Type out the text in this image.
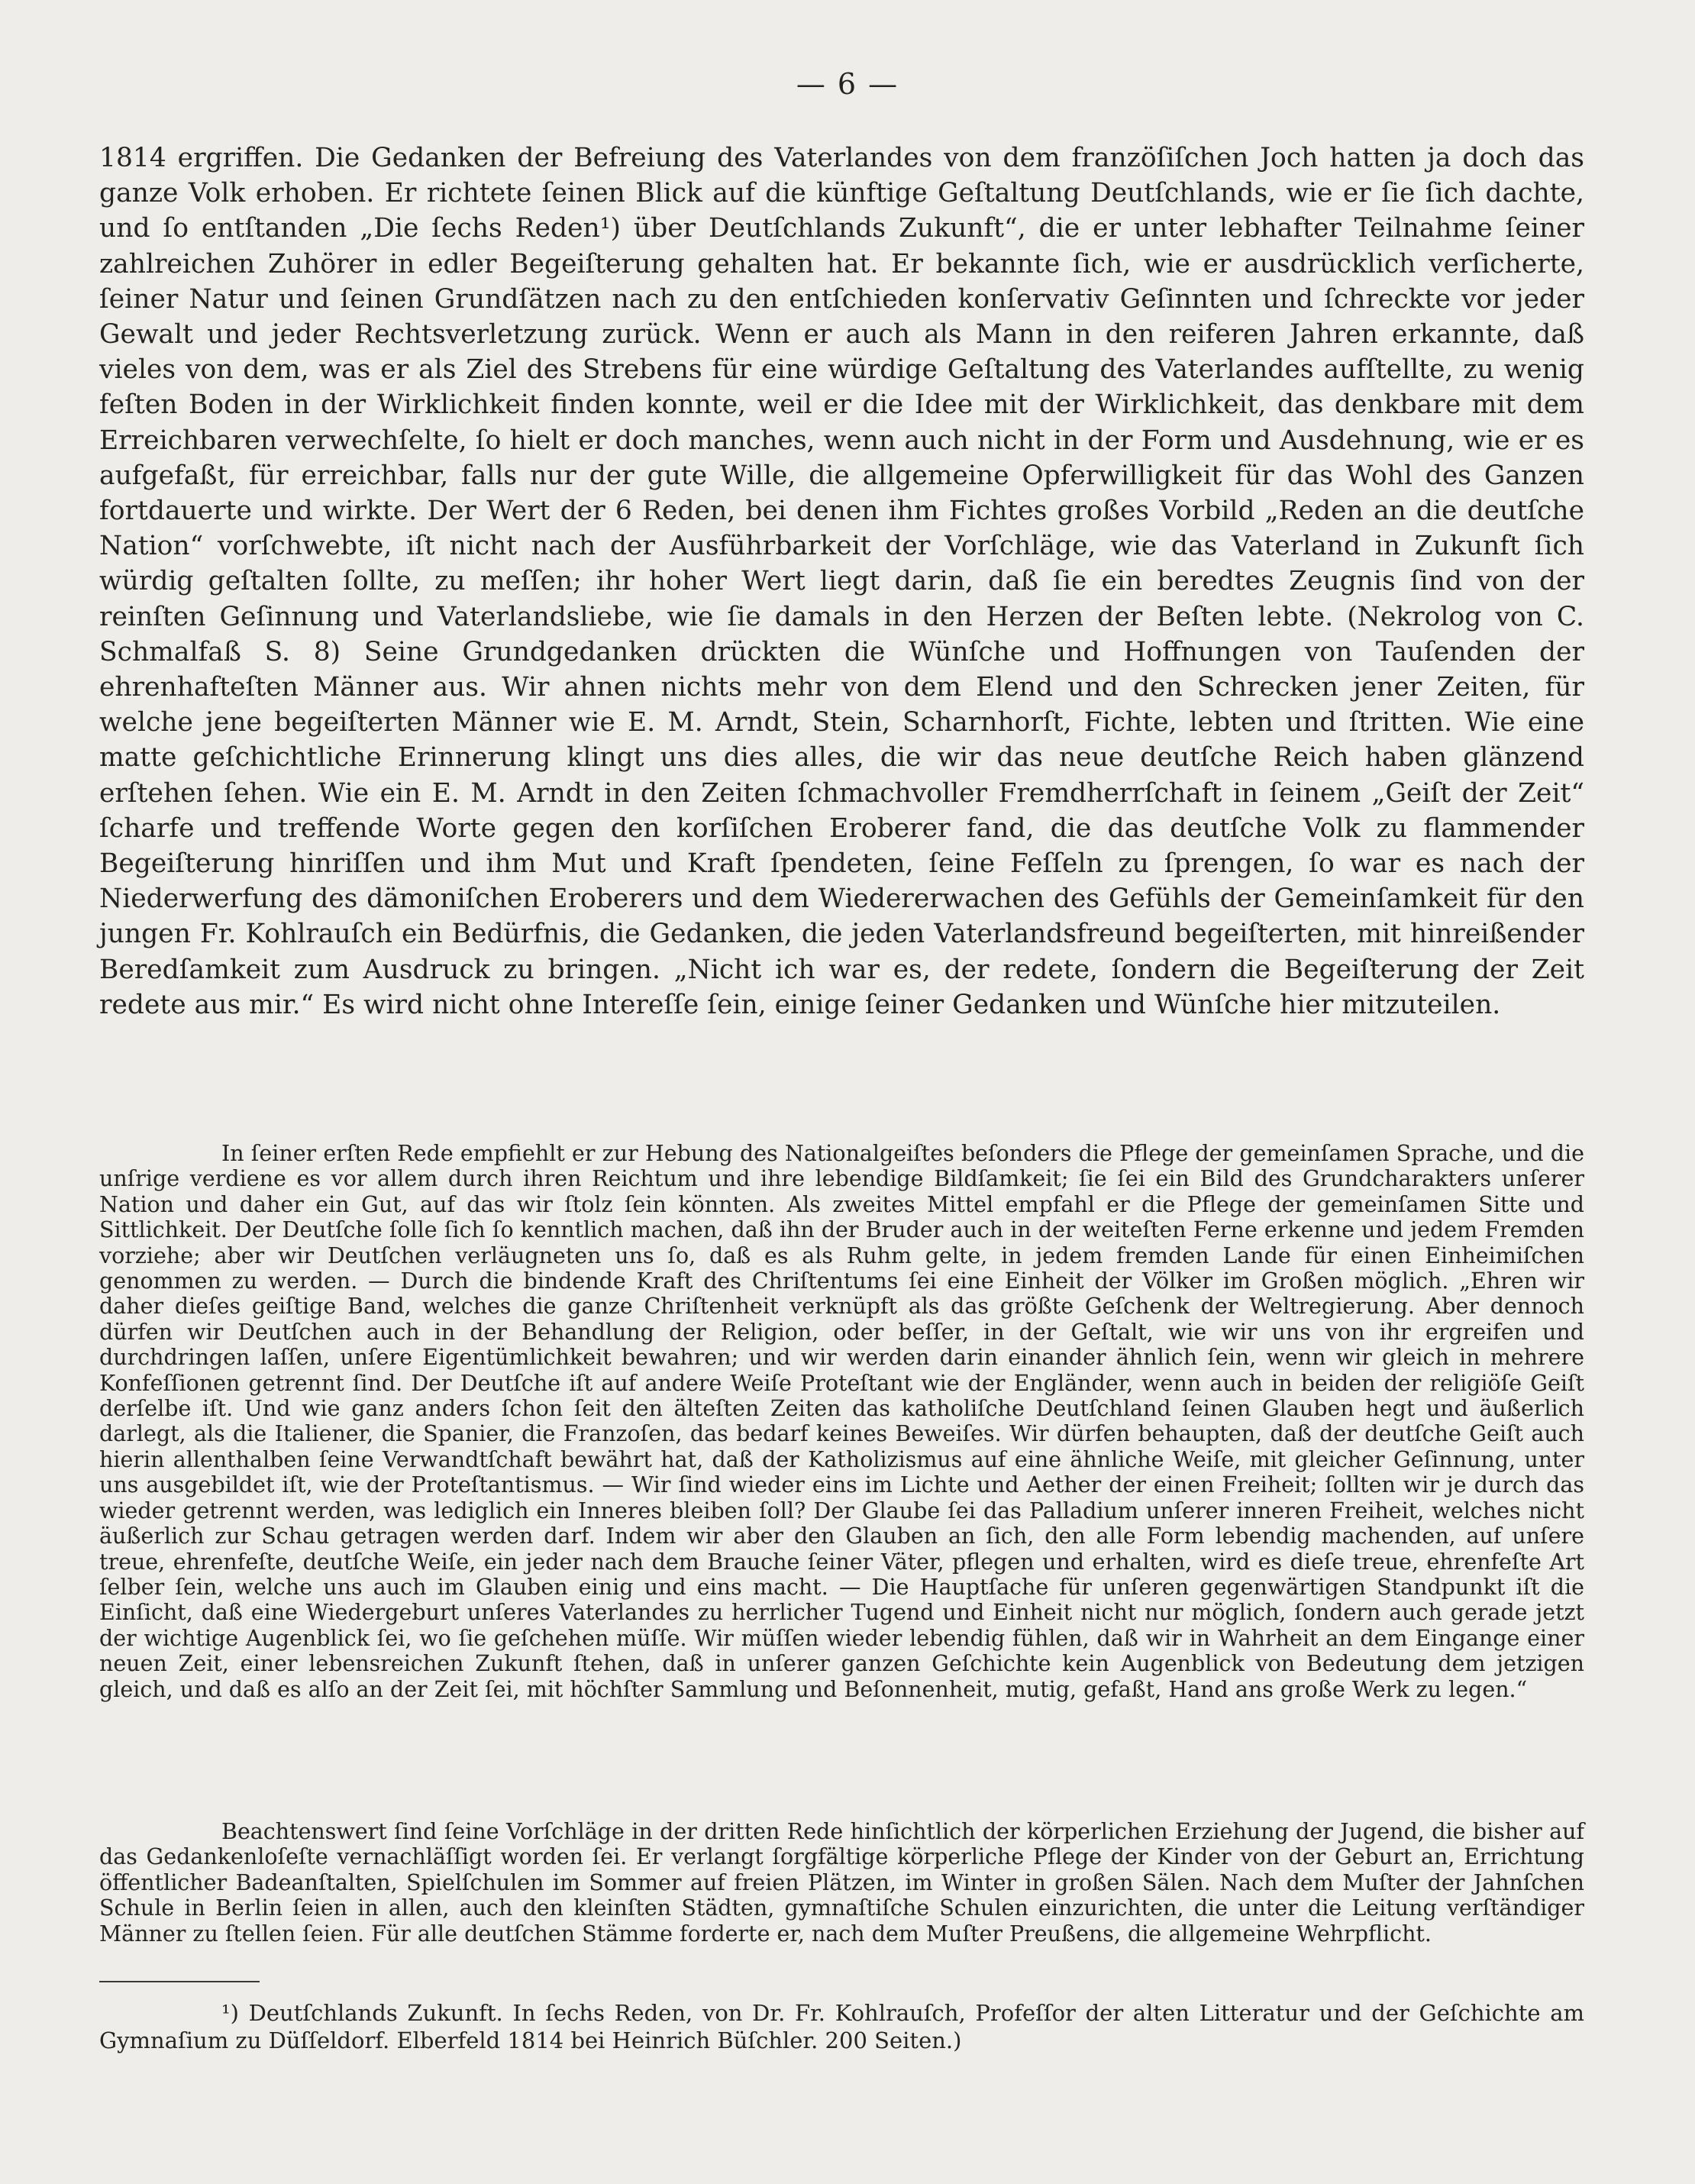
— 6 —

1814 ergriffen. Die Gedanken der Befreiung des Vaterlandes von dem franzöſiſchen Joch hatten ja doch das ganze Volk erhoben. Er richtete ſeinen Blick auf die künftige Geſtaltung Deutſchlands, wie er ſie ſich dachte, und ſo entſtanden „Die ſechs Reden¹) über Deutſchlands Zukunft“, die er unter lebhafter Teilnahme ſeiner zahlreichen Zuhörer in edler Begeiſterung gehalten hat. Er bekannte ſich, wie er ausdrücklich verſicherte, ſeiner Natur und ſeinen Grundſätzen nach zu den entſchieden konſervativ Geſinnten und ſchreckte vor jeder Gewalt und jeder Rechtsverletzung zurück. Wenn er auch als Mann in den reiferen Jahren erkannte, daß vieles von dem, was er als Ziel des Strebens für eine würdige Geſtaltung des Vaterlandes aufſtellte, zu wenig feſten Boden in der Wirklichkeit finden konnte, weil er die Idee mit der Wirklichkeit, das denkbare mit dem Erreichbaren verwechſelte, ſo hielt er doch manches, wenn auch nicht in der Form und Ausdehnung, wie er es aufgefaßt, für erreichbar, falls nur der gute Wille, die allgemeine Opferwilligkeit für das Wohl des Ganzen fortdauerte und wirkte. Der Wert der 6 Reden, bei denen ihm Fichtes großes Vorbild „Reden an die deutſche Nation“ vorſchwebte, iſt nicht nach der Ausführbarkeit der Vorſchläge, wie das Vaterland in Zukunft ſich würdig geſtalten ſollte, zu meſſen; ihr hoher Wert liegt darin, daß ſie ein beredtes Zeugnis ſind von der reinſten Geſinnung und Vaterlandsliebe, wie ſie damals in den Herzen der Beſten lebte. (Nekrolog von C. Schmalfaß S. 8) Seine Grundgedanken drückten die Wünſche und Hoffnungen von Tauſenden der ehrenhafteſten Männer aus. Wir ahnen nichts mehr von dem Elend und den Schrecken jener Zeiten, für welche jene begeiſterten Männer wie E. M. Arndt, Stein, Scharnhorſt, Fichte, lebten und ſtritten. Wie eine matte geſchichtliche Erinnerung klingt uns dies alles, die wir das neue deutſche Reich haben glänzend erſtehen ſehen. Wie ein E. M. Arndt in den Zeiten ſchmachvoller Fremdherrſchaft in ſeinem „Geiſt der Zeit“ ſcharfe und treffende Worte gegen den korſiſchen Eroberer fand, die das deutſche Volk zu flammender Begeiſterung hinriſſen und ihm Mut und Kraft ſpendeten, ſeine Feſſeln zu ſprengen, ſo war es nach der Niederwerfung des dämoniſchen Eroberers und dem Wiedererwachen des Gefühls der Gemeinſamkeit für den jungen Fr. Kohlrauſch ein Bedürfnis, die Gedanken, die jeden Vaterlandsfreund begeiſterten, mit hinreißender Beredſamkeit zum Ausdruck zu bringen. „Nicht ich war es, der redete, ſondern die Begeiſterung der Zeit redete aus mir.“ Es wird nicht ohne Intereſſe ſein, einige ſeiner Gedanken und Wünſche hier mitzuteilen.

In ſeiner erſten Rede empfiehlt er zur Hebung des Nationalgeiſtes beſonders die Pflege der gemeinſamen Sprache, und die unſrige verdiene es vor allem durch ihren Reichtum und ihre lebendige Bildſamkeit; ſie ſei ein Bild des Grundcharakters unſerer Nation und daher ein Gut, auf das wir ſtolz ſein könnten. Als zweites Mittel empfahl er die Pflege der gemeinſamen Sitte und Sittlichkeit. Der Deutſche ſolle ſich ſo kenntlich machen, daß ihn der Bruder auch in der weiteſten Ferne erkenne und jedem Fremden vorziehe; aber wir Deutſchen verläugneten uns ſo, daß es als Ruhm gelte, in jedem fremden Lande für einen Einheimiſchen genommen zu werden. — Durch die bindende Kraft des Chriſtentums ſei eine Einheit der Völker im Großen möglich. „Ehren wir daher dieſes geiſtige Band, welches die ganze Chriſtenheit verknüpft als das größte Geſchenk der Weltregierung. Aber dennoch dürfen wir Deutſchen auch in der Behandlung der Religion, oder beſſer, in der Geſtalt, wie wir uns von ihr ergreifen und durchdringen laſſen, unſere Eigentümlichkeit bewahren; und wir werden darin einander ähnlich ſein, wenn wir gleich in mehrere Konfeſſionen getrennt ſind. Der Deutſche iſt auf andere Weiſe Proteſtant wie der Engländer, wenn auch in beiden der religiöſe Geiſt derſelbe iſt. Und wie ganz anders ſchon ſeit den älteſten Zeiten das katholiſche Deutſchland ſeinen Glauben hegt und äußerlich darlegt, als die Italiener, die Spanier, die Franzoſen, das bedarf keines Beweiſes. Wir dürfen behaupten, daß der deutſche Geiſt auch hierin allenthalben ſeine Verwandtſchaft bewährt hat, daß der Katholizismus auf eine ähnliche Weiſe, mit gleicher Geſinnung, unter uns ausgebildet iſt, wie der Proteſtantismus. — Wir ſind wieder eins im Lichte und Aether der einen Freiheit; ſollten wir je durch das wieder getrennt werden, was lediglich ein Inneres bleiben ſoll? Der Glaube ſei das Palladium unſerer inneren Freiheit, welches nicht äußerlich zur Schau getragen werden darf. Indem wir aber den Glauben an ſich, den alle Form lebendig machenden, auf unſere treue, ehrenfeſte, deutſche Weiſe, ein jeder nach dem Brauche ſeiner Väter, pflegen und erhalten, wird es dieſe treue, ehrenfeſte Art ſelber ſein, welche uns auch im Glauben einig und eins macht. — Die Hauptſache für unſeren gegenwärtigen Standpunkt iſt die Einſicht, daß eine Wiedergeburt unſeres Vaterlandes zu herrlicher Tugend und Einheit nicht nur möglich, ſondern auch gerade jetzt der wichtige Augenblick ſei, wo ſie geſchehen müſſe. Wir müſſen wieder lebendig fühlen, daß wir in Wahrheit an dem Eingange einer neuen Zeit, einer lebensreichen Zukunft ſtehen, daß in unſerer ganzen Geſchichte kein Augenblick von Bedeutung dem jetzigen gleich, und daß es alſo an der Zeit ſei, mit höchſter Sammlung und Beſonnenheit, mutig, gefaßt, Hand ans große Werk zu legen.“

Beachtenswert ſind ſeine Vorſchläge in der dritten Rede hinſichtlich der körperlichen Erziehung der Jugend, die bisher auf das Gedankenloſeſte vernachläſſigt worden ſei. Er verlangt ſorgfältige körperliche Pflege der Kinder von der Geburt an, Errichtung öffentlicher Badeanſtalten, Spielſchulen im Sommer auf freien Plätzen, im Winter in großen Sälen. Nach dem Muſter der Jahnſchen Schule in Berlin ſeien in allen, auch den kleinſten Städten, gymnaſtiſche Schulen einzurichten, die unter die Leitung verſtändiger Männer zu ſtellen ſeien. Für alle deutſchen Stämme forderte er, nach dem Muſter Preußens, die allgemeine Wehrpflicht.

¹) Deutſchlands Zukunft. In ſechs Reden, von Dr. Fr. Kohlrauſch, Profeſſor der alten Litteratur und der Geſchichte am Gymnaſium zu Düſſeldorf. Elberfeld 1814 bei Heinrich Büſchler. 200 Seiten.)
